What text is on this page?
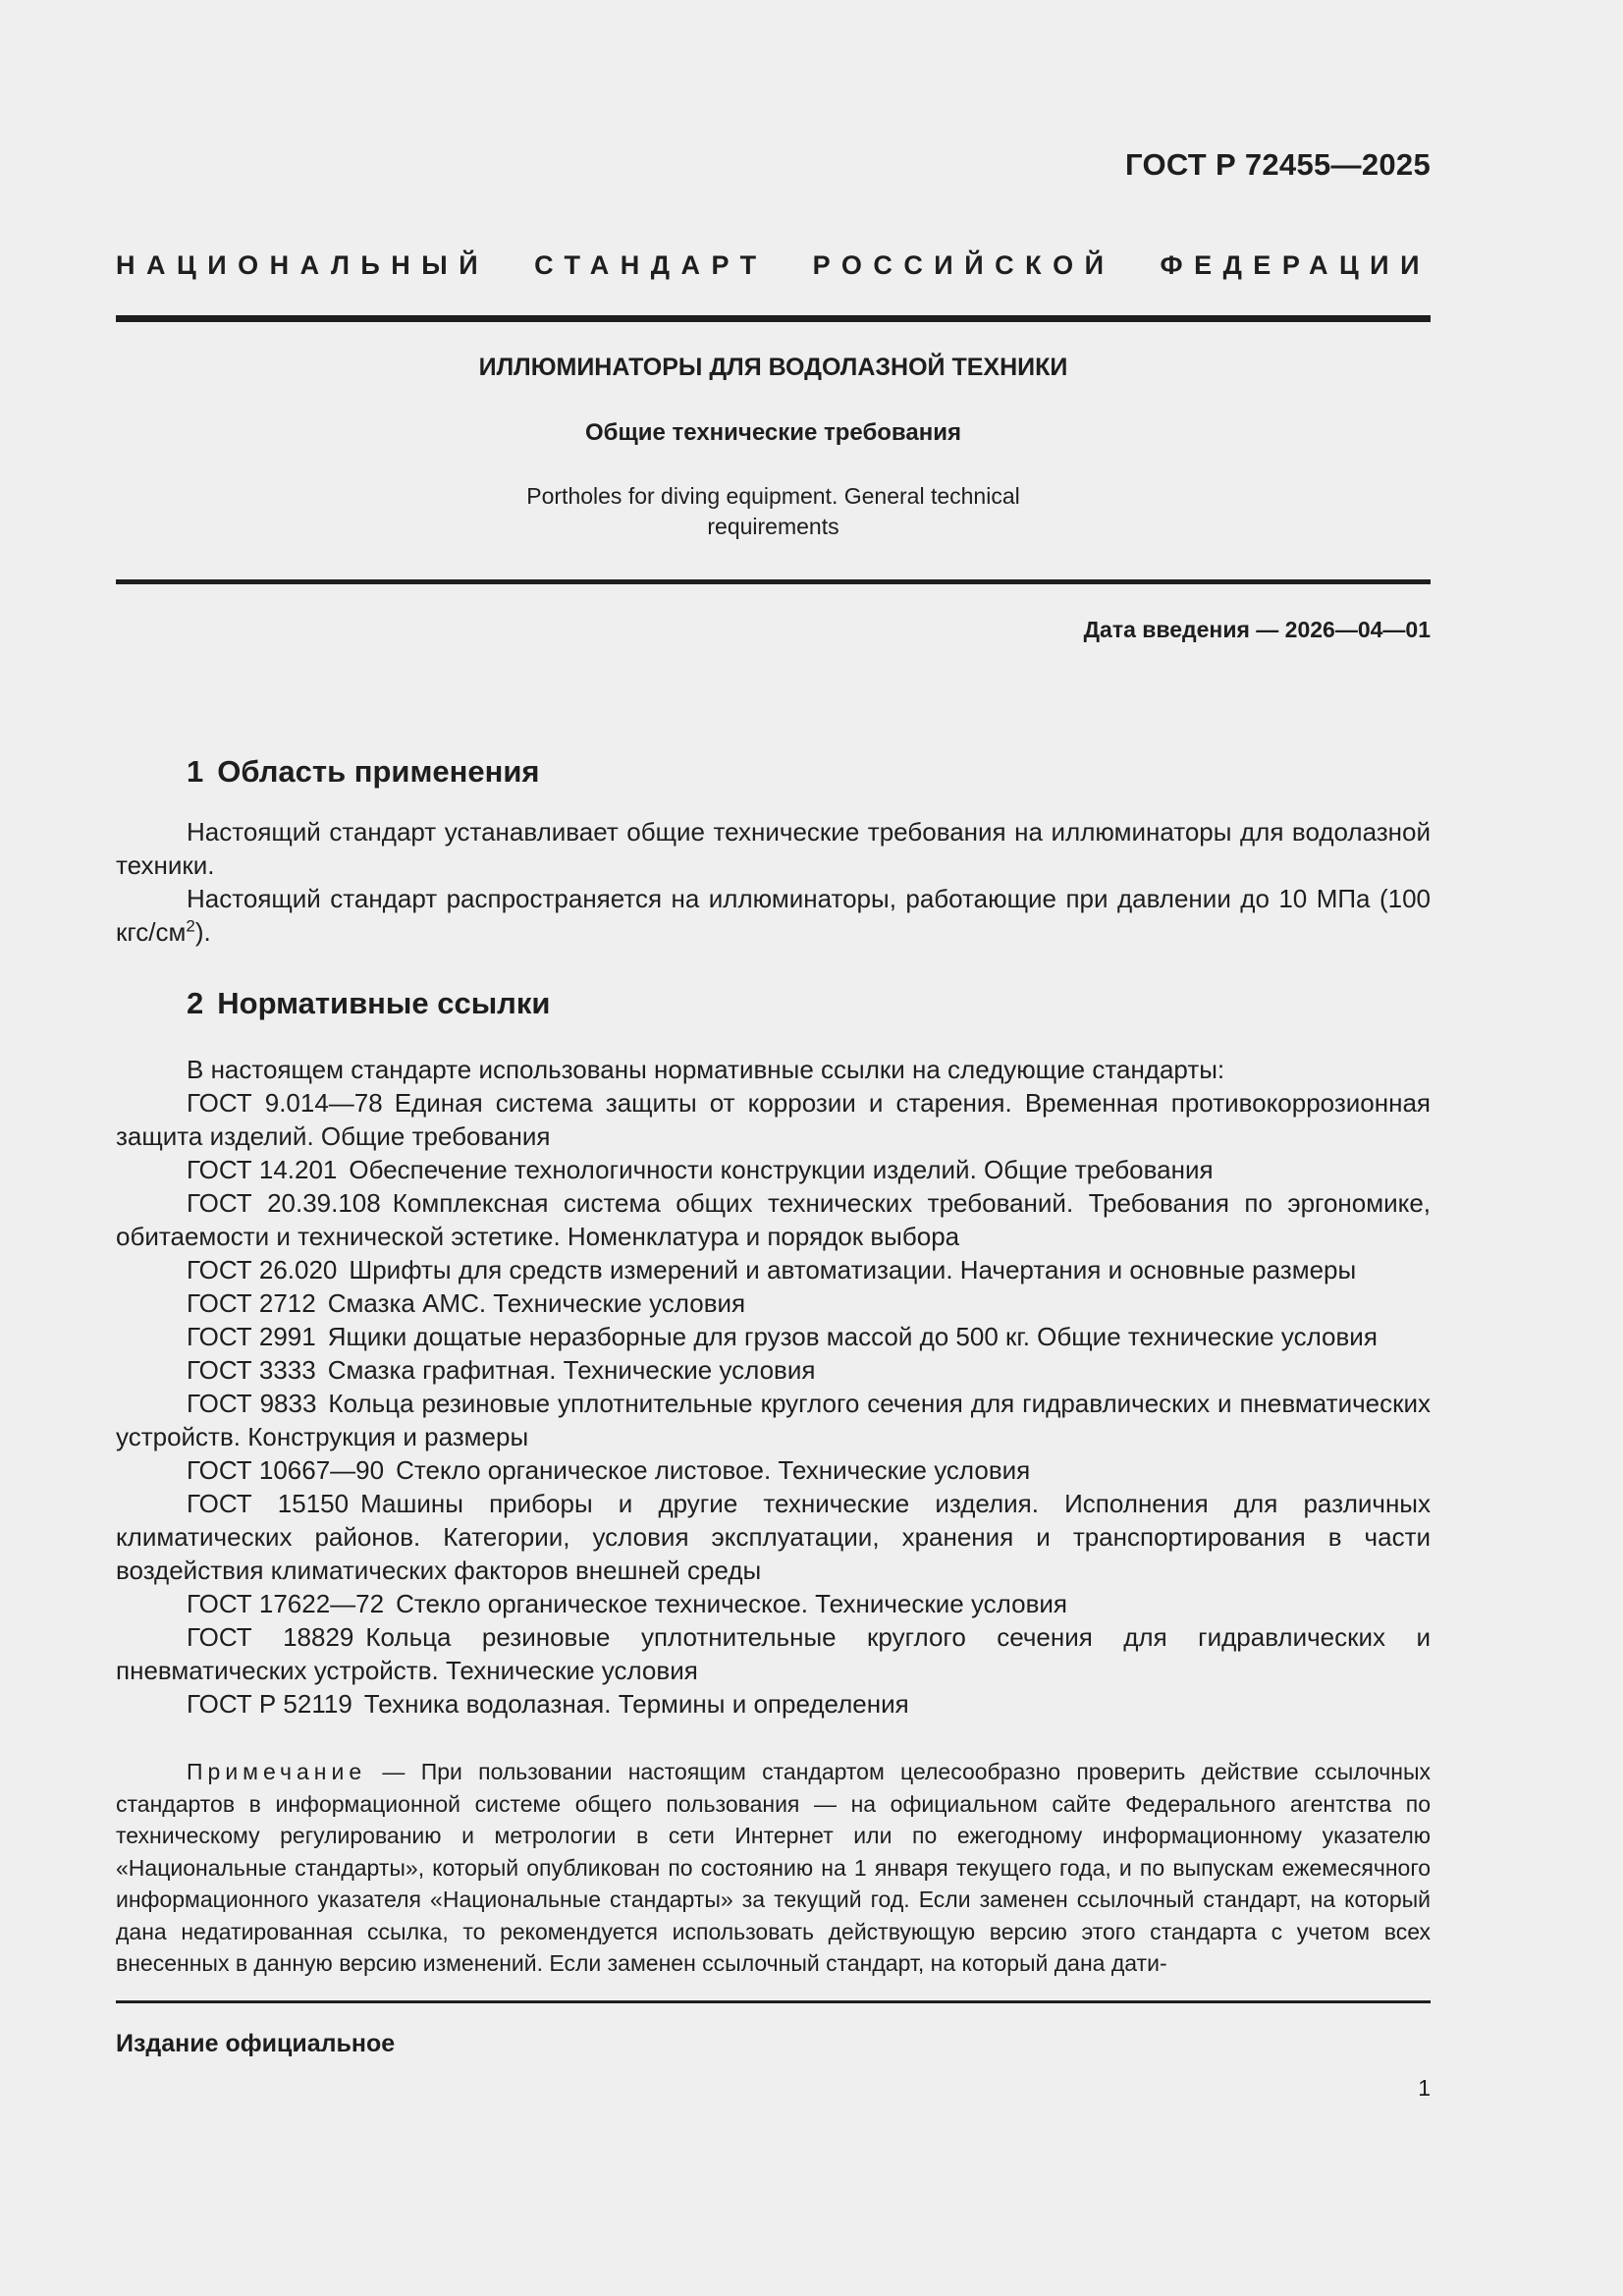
ГОСТ Р 72455—2025
НАЦИОНАЛЬНЫЙ СТАНДАРТ РОССИЙСКОЙ ФЕДЕРАЦИИ
ИЛЛЮМИНАТОРЫ ДЛЯ ВОДОЛАЗНОЙ ТЕХНИКИ
Общие технические требования
Portholes for diving equipment. General technical requirements
Дата введения — 2026—04—01
1 Область применения

Настоящий стандарт устанавливает общие технические требования на иллюминаторы для водолазной техники.

Настоящий стандарт распространяется на иллюминаторы, работающие при давлении до 10 МПа (100 кгс/$см^2$).

2 Нормативные ссылки

В настоящем стандарте использованы нормативные ссылки на следующие стандарты:

ГОСТ 9.014—78 Единая система защиты от коррозии и старения. Временная противокоррозионная защита изделий. Общие требования

ГОСТ 14.201 Обеспечение технологичности конструкции изделий. Общие требования

ГОСТ 20.39.108 Комплексная система общих технических требований. Требования по эргономике, обитаемости и технической эстетике. Номенклатура и порядок выбора

ГОСТ 26.020 Шрифты для средств измерений и автоматизации. Начертания и основные размеры

ГОСТ 2712 Смазка АМС. Технические условия

ГОСТ 2991 Ящики дощатые неразборные для грузов массой до 500 кг. Общие технические условия

ГОСТ 3333 Смазка графитная. Технические условия

ГОСТ 9833 Кольца резиновые уплотнительные круглого сечения для гидравлических и пневматических устройств. Конструкция и размеры

ГОСТ 10667—90 Стекло органическое листовое. Технические условия

ГОСТ 15150 Машины приборы и другие технические изделия. Исполнения для различных климатических районов. Категории, условия эксплуатации, хранения и транспортирования в части воздействия климатических факторов внешней среды

ГОСТ 17622—72 Стекло органическое техническое. Технические условия

ГОСТ 18829 Кольца резиновые уплотнительные круглого сечения для гидравлических и пневматических устройств. Технические условия

ГОСТ Р 52119 Техника водолазная. Термины и определения

Примечание — При пользовании настоящим стандартом целесообразно проверить действие ссылочных стандартов в информационной системе общего пользования — на официальном сайте Федерального агентства по техническому регулированию и метрологии в сети Интернет или по ежегодному информационному указателю «Национальные стандарты», который опубликован по состоянию на 1 января текущего года, и по выпускам ежемесячного информационного указателя «Национальные стандарты» за текущий год. Если заменен ссылочный стандарт, на который дана недатированная ссылка, то рекомендуется использовать действующую версию этого стандарта с учетом всех внесенных в данную версию изменений. Если заменен ссылочный стандарт, на который дана дати-
Издание официальное
1
